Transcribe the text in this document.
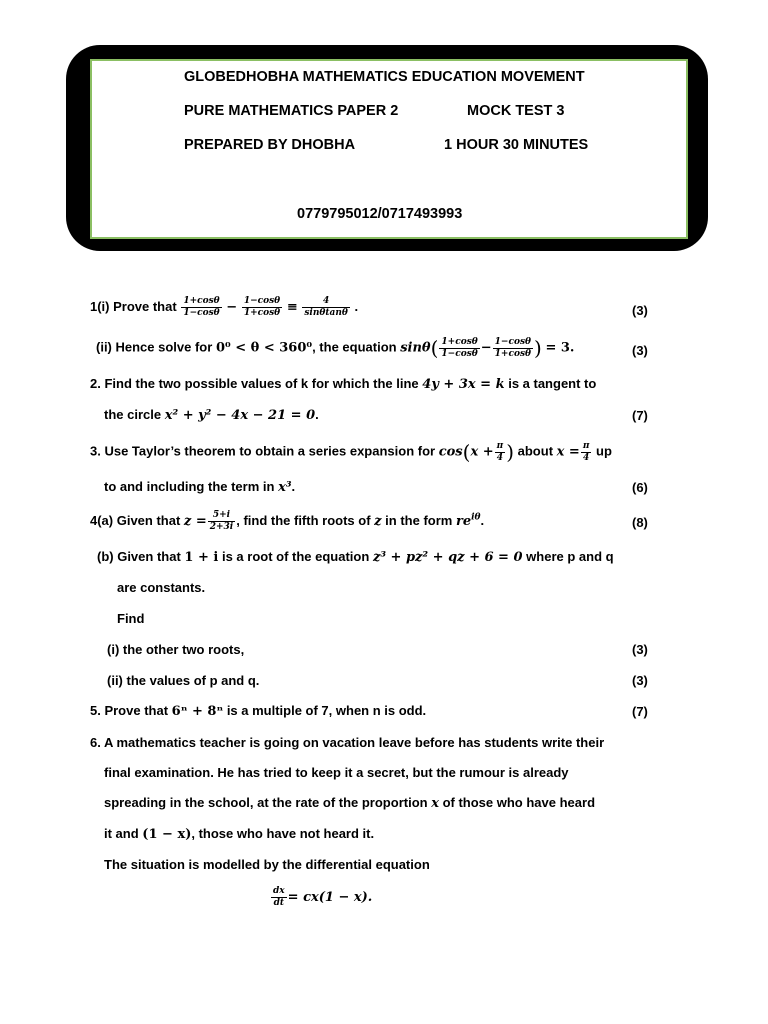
GLOBEDHOBHA MATHEMATICS EDUCATION MOVEMENT
PURE MATHEMATICS PAPER 2	MOCK TEST 3
PREPARED BY DHOBHA	1 HOUR 30 MINUTES
0779795012/0717493993
1(i) Prove that $\frac{1+\cos\theta}{1-\cos\theta} - \frac{1-\cos\theta}{1+\cos\theta} \equiv \frac{4}{\sin\theta\tan\theta}$ .	(3)
(ii) Hence solve for 0⁰ < θ < 360⁰, the equation $\sin\theta( \frac{1+\cos\theta}{1-\cos\theta} - \frac{1-\cos\theta}{1+\cos\theta}$ ) = 3.	(3)
2. Find the two possible values of k for which the line 4y + 3x = k is a tangent to
the circle x² + y² − 4x − 21 = 0.	(7)
3. Use Taylor’s theorem to obtain a series expansion for $\cos(x + \frac{\pi}{4}$ ) about $x = \frac{\pi}{4}$ up
to and including the term in x³.	(6)
4(a) Given that $z = \frac{5+i}{2+3i}$ , find the fifth roots of z in the form $re^{i\theta}$.	(8)
(b) Given that 1 + i is a root of the equation z³ + pz² + qz + 6 = 0 where p and q
are constants.
Find
(i) the other two roots,	(3)
(ii) the values of p and q.	(3)
5. Prove that 6ⁿ + 8ⁿ is a multiple of 7, when n is odd.	(7)
6. A mathematics teacher is going on vacation leave before has students write their
final examination. He has tried to keep it a secret, but the rumour is already
spreading in the school, at the rate of the proportion x of those who have heard
it and (1 − x), those who have not heard it.
The situation is modelled by the differential equation
$\frac{dx}{dt} = cx(1 - x)$.
